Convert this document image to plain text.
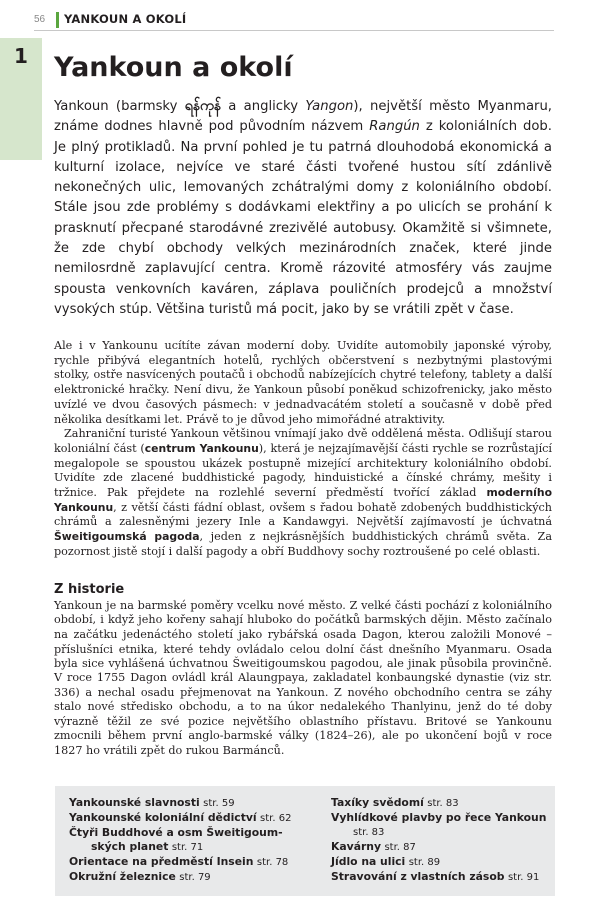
56 YANKOUN A OKOLÍ
1 Yankoun a okolí

Yankoun (barmsky ရန်ကုန် a anglicky Yangon), největší město Myanmaru, známe dodnes hlavně pod původním názvem Rangún z koloniálních dob. Je plný protikladů. Na první pohled je tu patrná dlouhodobá ekonomická a kulturní izolace, nejvíce ve staré části tvořené hustou sítí zdánlivě nekonečných ulic, lemovaných zchátralými domy z koloniálního období. Stále jsou zde problémy s dodávkami elektřiny a po ulicích se prohání k prasknutí přecpané starodávné zrezivělé autobusy. Okamžitě si všimnete, že zde chybí obchody velkých mezinárodních značek, které jinde nemilosrdně zaplavující centra. Kromě rázovité atmosféry vás zaujme spousta venkovních kaváren, záplava pouličních prodejců a množství vysokých stúp. Většina turistů má pocit, jako by se vrátili zpět v čase.

Ale i v Yankounu ucítíte závan moderní doby. Uvidíte automobily japonské výroby, rychle přibývá elegantních hotelů, rychlých občerstvení s nezbytnými plastovými stolky, ostře nasvícených poutačů i obchodů nabízejících chytré telefony, tablety a další elektronické hračky. Není divu, že Yankoun působí poněkud schizofrenicky, jako město uvízlé ve dvou časových pásmech: v jednadvacátém století a současně v době před několika desítkami let. Právě to je důvod jeho mimořádné atraktivity.

Zahraniční turisté Yankoun většinou vnímají jako dvě oddělená města. Odlišují starou koloniální část (centrum Yankounu), která je nejzajímavější části rychle se rozrůstající megalopole se spoustou ukázek postupně mizející architektury koloniálního období. Uvidíte zde zlacené buddhistické pagody, hinduistické a čínské chrámy, mešity i tržnice. Pak přejdete na rozlehlé severní předměstí tvořící základ moderního Yankounu, z větší části fádní oblast, ovšem s řadou bohatě zdobených buddhistických chrámů a zalesněnými jezery Inle a Kandawgyi. Největší zajímavostí je úchvatná Šweitigoumská pagoda, jeden z nejkrásnějších buddhistických chrámů světa. Za pozornost jistě stojí i další pagody a obří Buddhovy sochy roztroušené po celé oblasti.

Z historie

Yankoun je na barmské poměry vcelku nové město. Z velké části pochází z koloniálního období, i když jeho kořeny sahají hluboko do počátků barmských dějin. Město začínalo na začátku jedenáctého století jako rybářská osada Dagon, kterou založili Monové – příslušníci etnika, které tehdy ovládalo celou dolní část dnešního Myanmaru. Osada byla sice vyhlášená úchvatnou Šweitigoumskou pagodou, ale jinak působila provinčně. V roce 1755 Dagon ovládl král Alaungpaya, zakladatel konbaungské dynastie (viz str. 336) a nechal osadu přejmenovat na Yankoun. Z nového obchodního centra se záhy stalo nové středisko obchodu, a to na úkor nedalekého Thanlyinu, jenž do té doby výrazně těžil ze své pozice největšího oblastního přístavu. Britové se Yankounu zmocnili během první anglo-barmské války (1824–26), ale po ukončení bojů v roce 1827 ho vrátili zpět do rukou Barmánců.

Yankounské slavnosti str. 59

Yankounské koloniální dědictví str. 62

Čtyři Buddhové a osm Šweitigoum-
ských planet str. 71

Orientace na předměstí Insein str. 78

Okružní železnice str. 79

Taxíky svědomí str. 83

Vyhlídkové plavby po řece Yankoun
str. 83

Kavárny str. 87

Jídlo na ulici str. 89

Stravování z vlastních zásob str. 91
